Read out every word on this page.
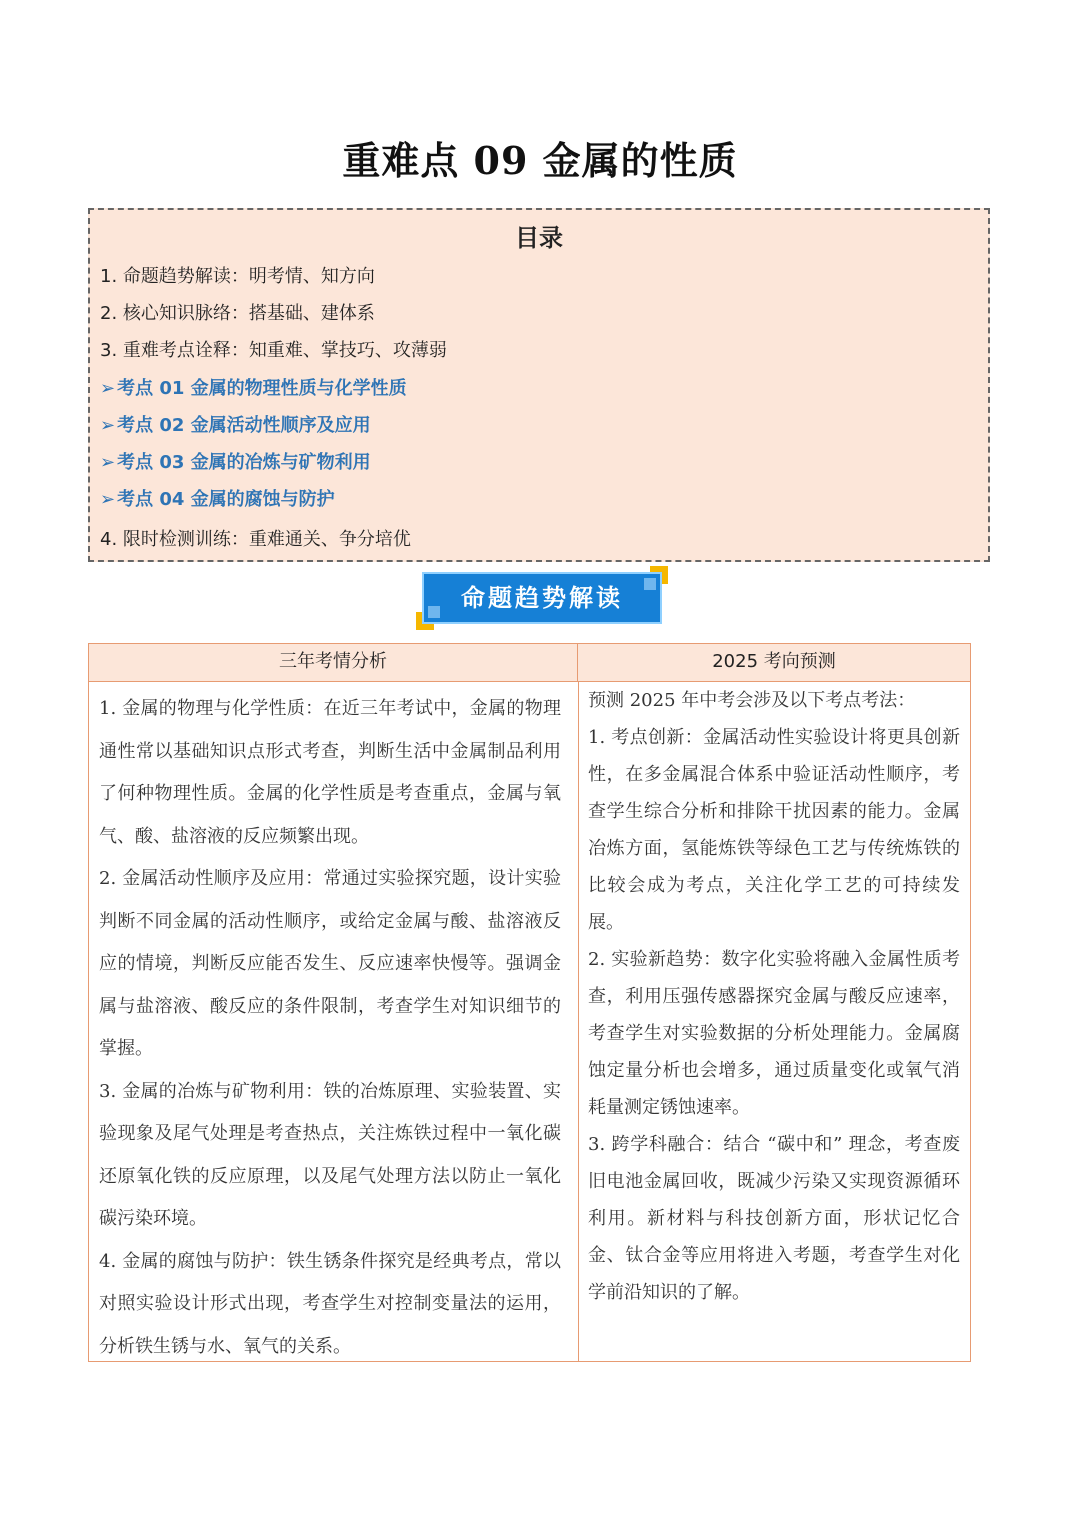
重难点 09 金属的性质
目录
1. 命题趋势解读：明考情、知方向
2. 核心知识脉络：搭基础、建体系
3. 重难考点诠释：知重难、掌技巧、攻薄弱
➢ 考点 01 金属的物理性质与化学性质
➢ 考点 02 金属活动性顺序及应用
➢ 考点 03 金属的冶炼与矿物利用
➢ 考点 04 金属的腐蚀与防护
4. 限时检测训练：重难通关、争分培优
命题趋势解读
三年考情分析	2025 考向预测

1. 金属的物理与化学性质：在近三年考试中，金属的物理通性常以基础知识点形式考查，判断生活中金属制品利用了何种物理性质。金属的化学性质是考查重点，金属与氧气、酸、盐溶液的反应频繁出现。

2. 金属活动性顺序及应用：常通过实验探究题，设计实验判断不同金属的活动性顺序，或给定金属与酸、盐溶液反应的情境，判断反应能否发生、反应速率快慢等。强调金属与盐溶液、酸反应的条件限制，考查学生对知识细节的掌握。

3. 金属的冶炼与矿物利用：铁的冶炼原理、实验装置、实验现象及尾气处理是考查热点，关注炼铁过程中一氧化碳还原氧化铁的反应原理，以及尾气处理方法以防止一氧化碳污染环境。

4. 金属的腐蚀与防护：铁生锈条件探究是经典考点，常以对照实验设计形式出现，考查学生对控制变量法的运用，分析铁生锈与水、氧气的关系。

预测 2025 年中考会涉及以下考点考法：

1. 考点创新：金属活动性实验设计将更具创新性，在多金属混合体系中验证活动性顺序，考查学生综合分析和排除干扰因素的能力。金属冶炼方面，氢能炼铁等绿色工艺与传统炼铁的比较会成为考点，关注化学工艺的可持续发展。

2. 实验新趋势：数字化实验将融入金属性质考查，利用压强传感器探究金属与酸反应速率，考查学生对实验数据的分析处理能力。金属腐蚀定量分析也会增多，通过质量变化或氧气消耗量测定锈蚀速率。

3. 跨学科融合：结合 “碳中和” 理念，考查废旧电池金属回收，既减少污染又实现资源循环利用。新材料与科技创新方面，形状记忆合金、钛合金等应用将进入考题，考查学生对化学前沿知识的了解。
